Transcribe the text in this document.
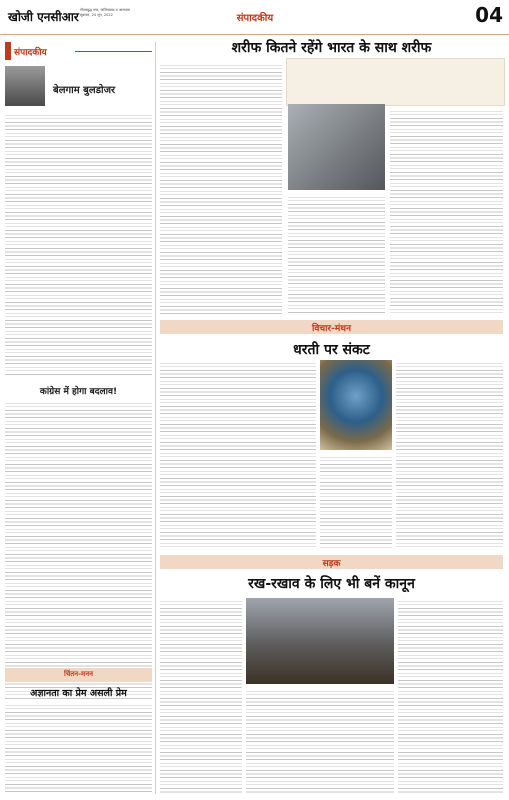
खोजी एनसीआर गौतमबुद्ध नगर, गाजियाबाद व आसपास
शुक्रवार, 24 जून, 2022	संपादकीय	04
संपादकीय
बेलगाम बुलडोजर
कांग्रेस में होगा बदलाव!
चिंतन-मनन
अज्ञानता का प्रेम असली प्रेम
शरीफ कितने रहेंगे भारत के साथ शरीफ
विचार-मंथन
धरती पर संकट
सड़क
रख-रखाव के लिए भी बनें कानून
